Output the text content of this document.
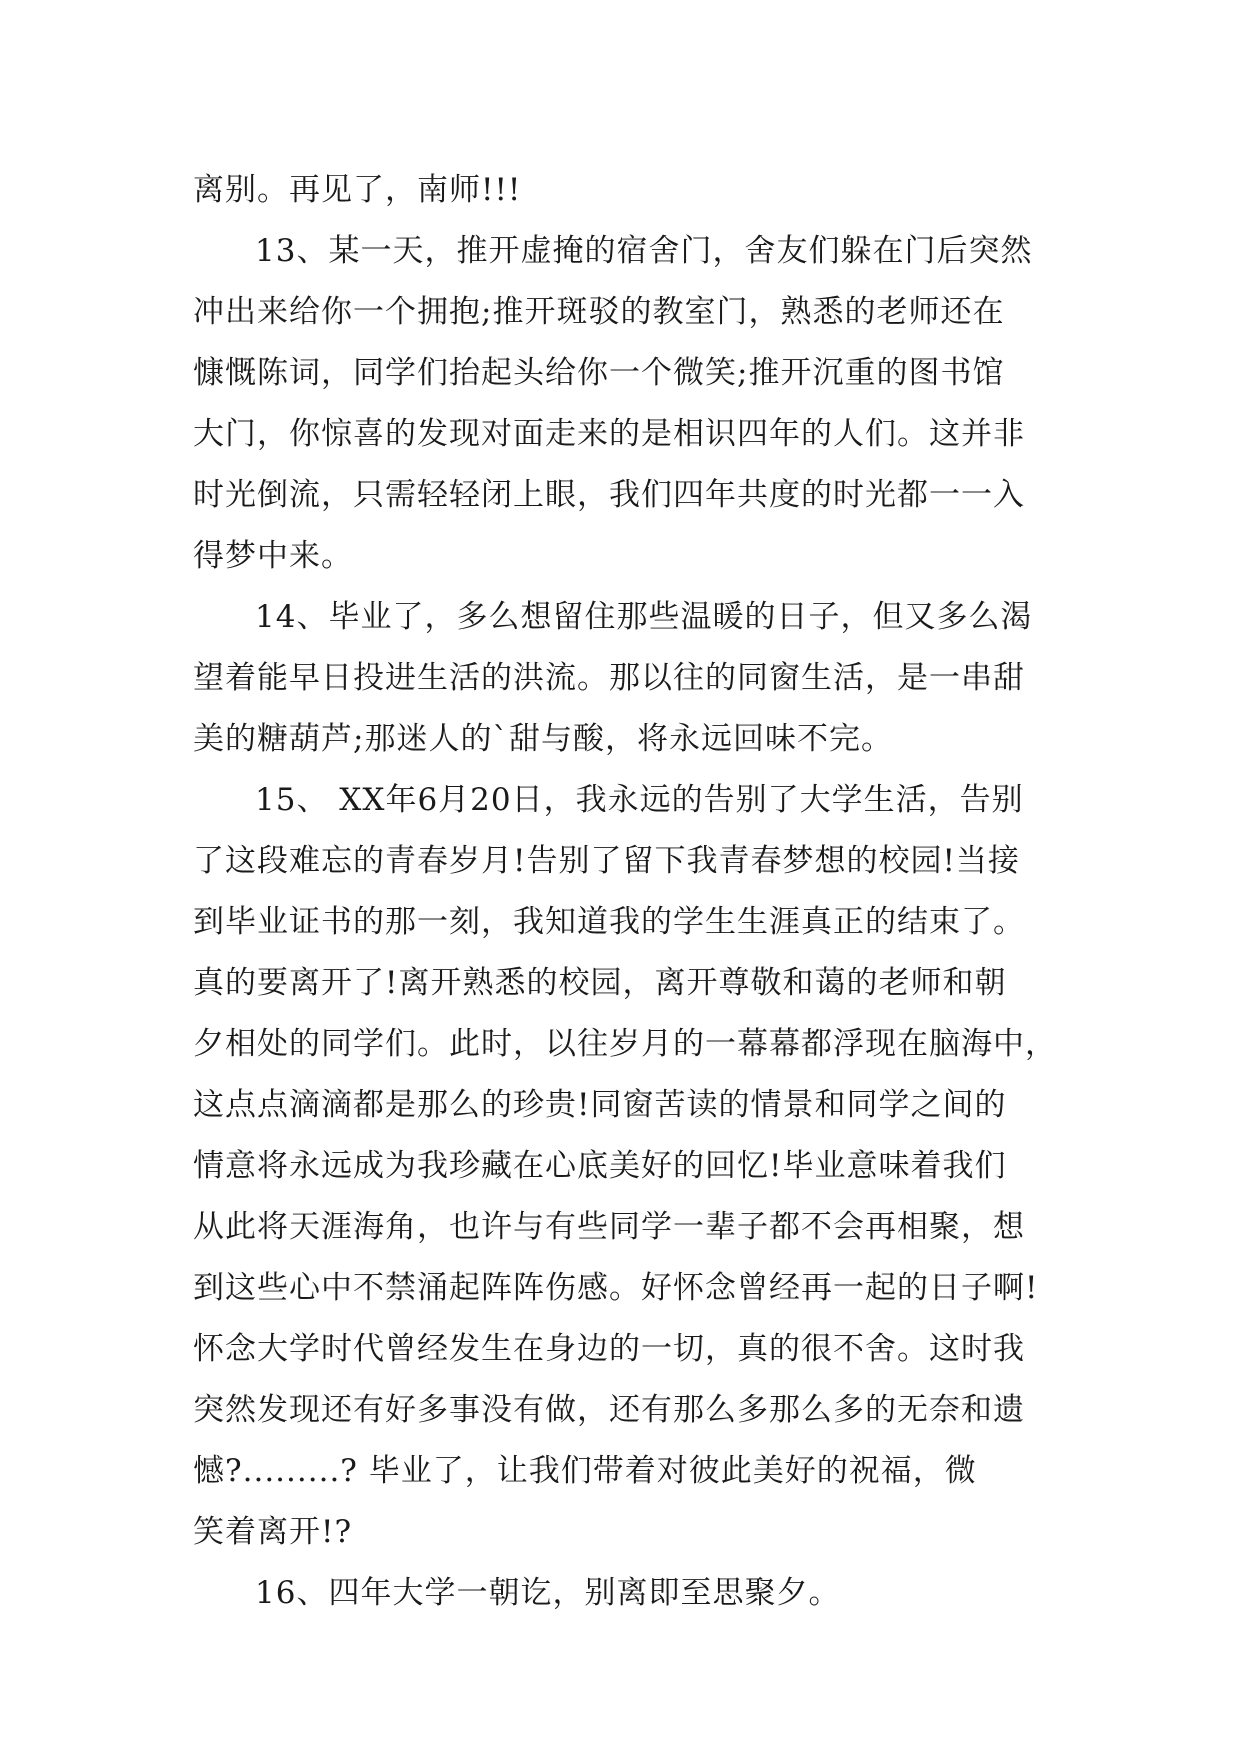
离别。再见了，南师!!!
13、某一天，推开虚掩的宿舍门，舍友们躲在门后突然
冲出来给你一个拥抱;推开斑驳的教室门，熟悉的老师还在
慷慨陈词，同学们抬起头给你一个微笑;推开沉重的图书馆
大门，你惊喜的发现对面走来的是相识四年的人们。这并非
时光倒流，只需轻轻闭上眼，我们四年共度的时光都一一入
得梦中来。
14、毕业了，多么想留住那些温暖的日子，但又多么渴
望着能早日投进生活的洪流。那以往的同窗生活，是一串甜
美的糖葫芦;那迷人的`甜与酸，将永远回味不完。
15、 XX年6月20日，我永远的告别了大学生活，告别
了这段难忘的青春岁月!告别了留下我青春梦想的校园!当接
到毕业证书的那一刻，我知道我的学生生涯真正的结束了。
真的要离开了!离开熟悉的校园，离开尊敬和蔼的老师和朝
夕相处的同学们。此时，以往岁月的一幕幕都浮现在脑海中，
这点点滴滴都是那么的珍贵!同窗苦读的情景和同学之间的
情意将永远成为我珍藏在心底美好的回忆!毕业意味着我们
从此将天涯海角，也许与有些同学一辈子都不会再相聚，想
到这些心中不禁涌起阵阵伤感。好怀念曾经再一起的日子啊!
怀念大学时代曾经发生在身边的一切，真的很不舍。这时我
突然发现还有好多事没有做，还有那么多那么多的无奈和遗
憾?.........? 毕业了，让我们带着对彼此美好的祝福，微
笑着离开!?
16、四年大学一朝讫，别离即至思聚夕。
